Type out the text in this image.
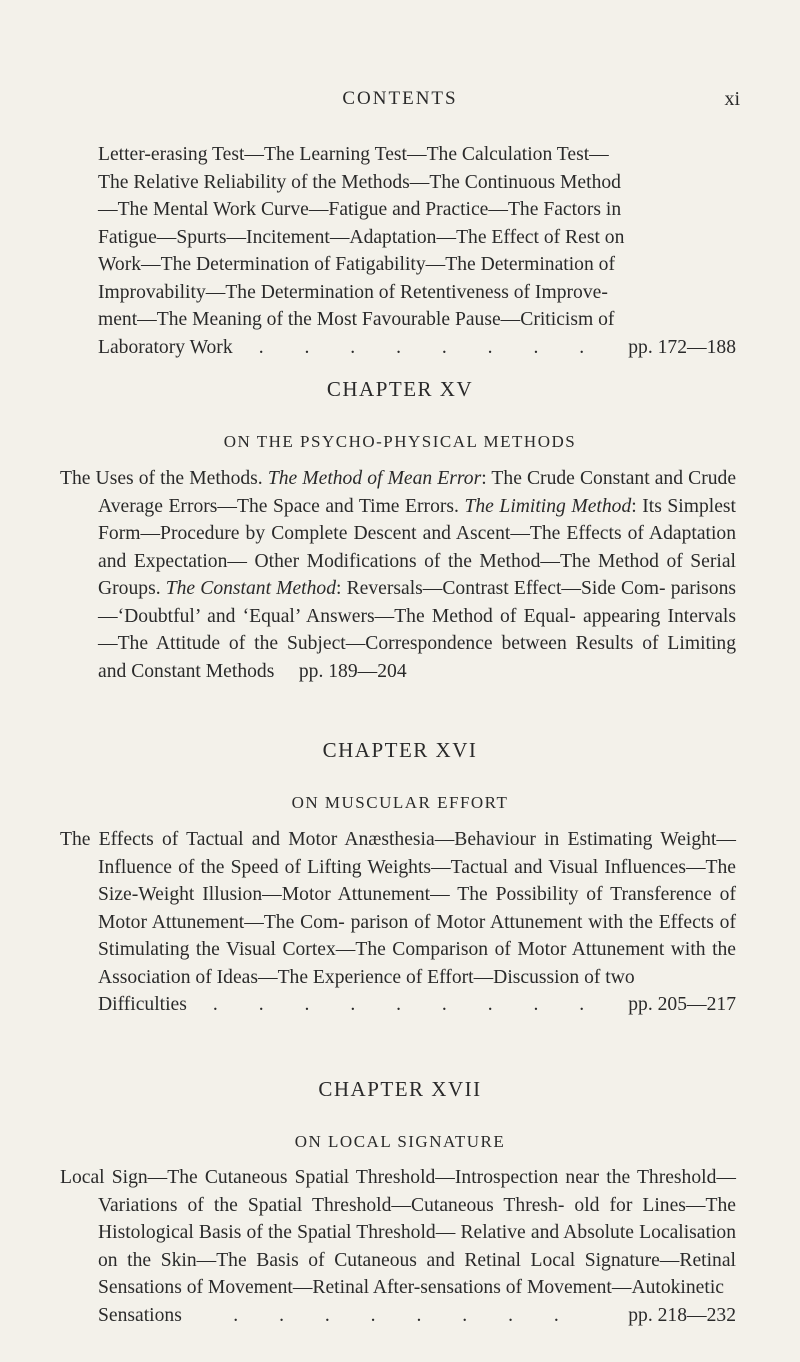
CONTENTS	xi
Letter-erasing Test—The Learning Test—The Calculation Test—
The Relative Reliability of the Methods—The Continuous Method
—The Mental Work Curve—Fatigue and Practice—The Factors in
Fatigue—Spurts—Incitement—Adaptation—The Effect of Rest on
Work—The Determination of Fatigability—The Determination of
Improvability—The Determination of Retentiveness of Improve-
ment—The Meaning of the Most Favourable Pause—Criticism of
Laboratory Work	. . . . . . . .	pp. 172—188
CHAPTER XV
ON THE PSYCHO-PHYSICAL METHODS

The Uses of the Methods. The Method of Mean Error: The Crude Constant and Crude Average Errors—The Space and Time Errors. The Limiting Method: Its Simplest Form—Procedure by Complete Descent and Ascent—The Effects of Adaptation and Expectation— Other Modifications of the Method—The Method of Serial Groups. The Constant Method: Reversals—Contrast Effect—Side Com- parisons—‘Doubtful’ and ‘Equal’ Answers—The Method of Equal- appearing Intervals—The Attitude of the Subject—Correspondence between Results of Limiting and Constant Methods pp. 189—204

CHAPTER XVI
ON MUSCULAR EFFORT

The Effects of Tactual and Motor Anæsthesia—Behaviour in Estimating Weight—Influence of the Speed of Lifting Weights—Tactual and Visual Influences—The Size-Weight Illusion—Motor Attunement— The Possibility of Transference of Motor Attunement—The Com- parison of Motor Attunement with the Effects of Stimulating the Visual Cortex—The Comparison of Motor Attunement with the Association of Ideas—The Experience of Effort—Discussion of two

Difficulties	. . . . . . . . .	pp. 205—217
CHAPTER XVII
ON LOCAL SIGNATURE

Local Sign—The Cutaneous Spatial Threshold—Introspection near the Threshold—Variations of the Spatial Threshold—Cutaneous Thresh- old for Lines—The Histological Basis of the Spatial Threshold— Relative and Absolute Localisation on the Skin—The Basis of Cutaneous and Retinal Local Signature—Retinal Sensations of Movement—Retinal After-sensations of Movement—Autokinetic

Sensations	. . . . . . . .	pp. 218—232
